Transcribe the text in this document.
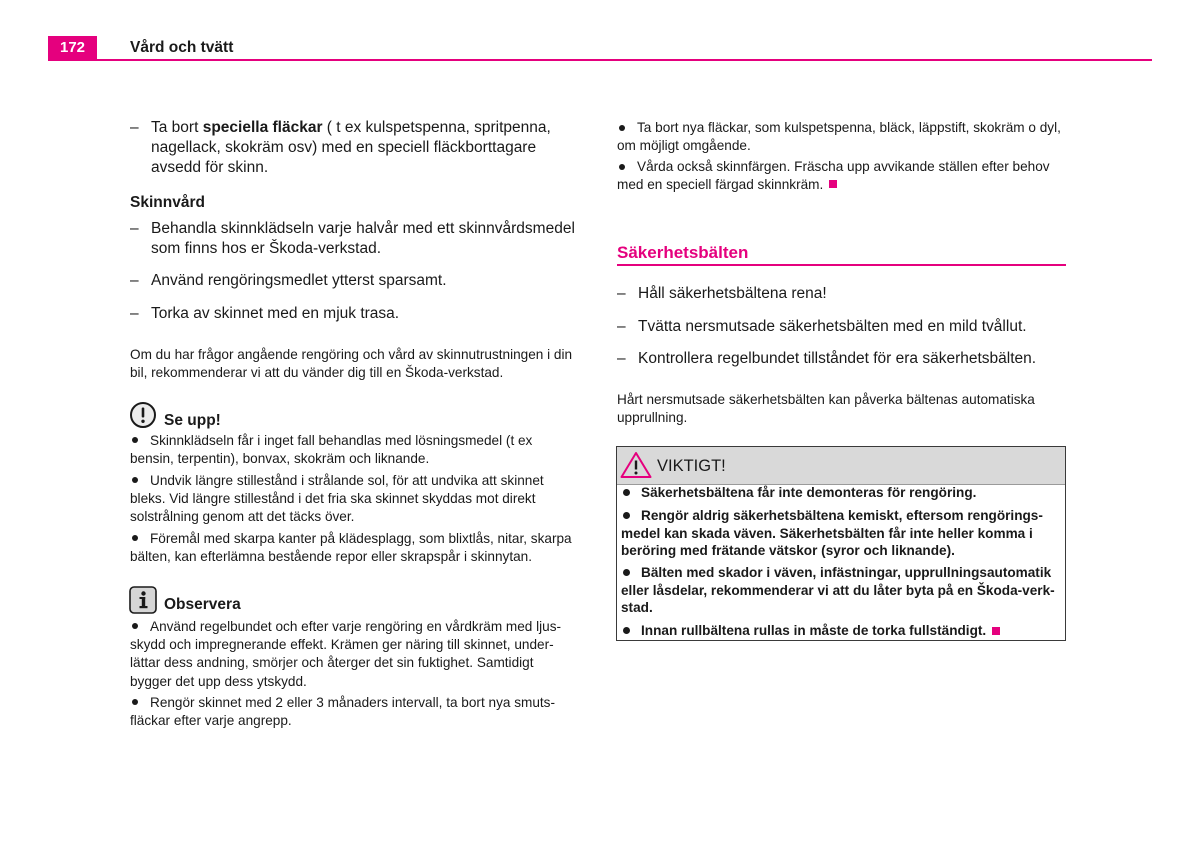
172	Vård och tvätt
– Ta bort speciella fläckar ( t ex kulspetspenna, spritpenna,
nagellack, skokräm osv) med en speciell fläckborttagare
avsedd för skinn.
Skinnvård
– Behandla skinnklädseln varje halvår med ett skinnvårdsmedel
som finns hos er Škoda-verkstad.
– Använd rengöringsmedlet ytterst sparsamt.
– Torka av skinnet med en mjuk trasa.
Om du har frågor angående rengöring och vård av skinnutrustningen i din
bil, rekommenderar vi att du vänder dig till en Škoda-verkstad.
Se upp!
Skinnklädseln får i inget fall behandlas med lösningsmedel (t ex
bensin, terpentin), bonvax, skokräm och liknande.
Undvik längre stillestånd i strålande sol, för att undvika att skinnet
bleks. Vid längre stillestånd i det fria ska skinnet skyddas mot direkt
solstrålning genom att det täcks över.
Föremål med skarpa kanter på klädesplagg, som blixtlås, nitar, skarpa
bälten, kan efterlämna bestående repor eller skrapspår i skinnytan.
Observera
Använd regelbundet och efter varje rengöring en vårdkräm med ljus-
skydd och impregnerande effekt. Krämen ger näring till skinnet, under-
lättar dess andning, smörjer och återger det sin fuktighet. Samtidigt
bygger det upp dess ytskydd.
Rengör skinnet med 2 eller 3 månaders intervall, ta bort nya smuts-
fläckar efter varje angrepp.
Ta bort nya fläckar, som kulspetspenna, bläck, läppstift, skokräm o dyl,
om möjligt omgående.
Vårda också skinnfärgen. Fräscha upp avvikande ställen efter behov
med en speciell färgad skinnkräm.
Säkerhetsbälten
– Håll säkerhetsbältena rena!
– Tvätta nersmutsade säkerhetsbälten med en mild tvållut.
– Kontrollera regelbundet tillståndet för era säkerhetsbälten.
Hårt nersmutsade säkerhetsbälten kan påverka bältenas automatiska
upprullning.
VIKTIGT!
Säkerhetsbältena får inte demonteras för rengöring.
Rengör aldrig säkerhetsbältena kemiskt, eftersom rengörings-
medel kan skada väven. Säkerhetsbälten får inte heller komma i
beröring med frätande vätskor (syror och liknande).
Bälten med skador i väven, infästningar, upprullningsautomatik
eller låsdelar, rekommenderar vi att du låter byta på en Škoda-verk-
stad.
Innan rullbältena rullas in måste de torka fullständigt.
